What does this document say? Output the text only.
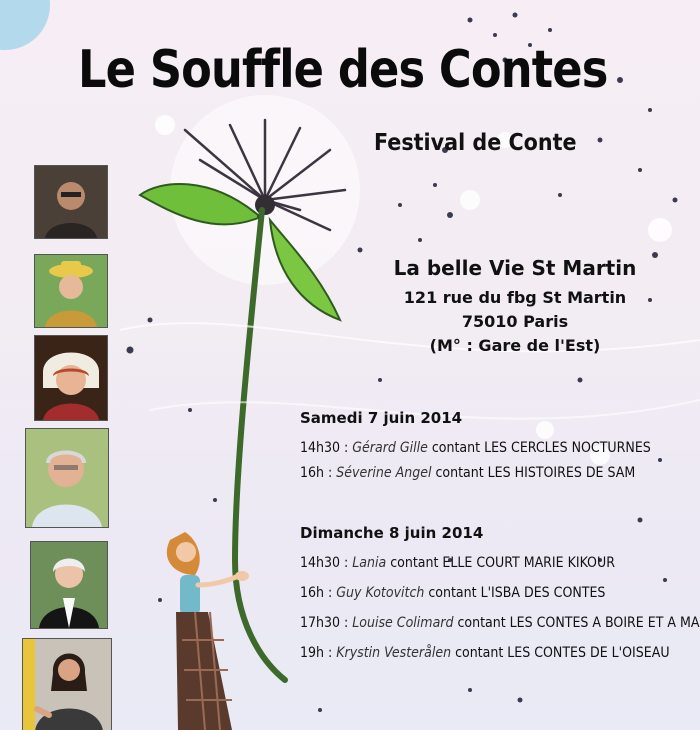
Le Souffle des Contes
Festival de Conte
La belle Vie St Martin
121 rue du fbg St Martin
75010 Paris
(M° : Gare de l'Est)
Samedi 7 juin 2014
14h30 : Gérard Gille contant LES CERCLES NOCTURNES
16h : Séverine Angel contant LES HISTOIRES DE SAM
Dimanche 8 juin 2014
14h30 : Lania contant ELLE COURT MARIE KIKOUR
16h : Guy Kotovitch contant L'ISBA DES CONTES
17h30 : Louise Colimard contant LES CONTES A BOIRE ET A MA
19h : Krystin Vesterålen contant LES CONTES DE L'OISEAU
